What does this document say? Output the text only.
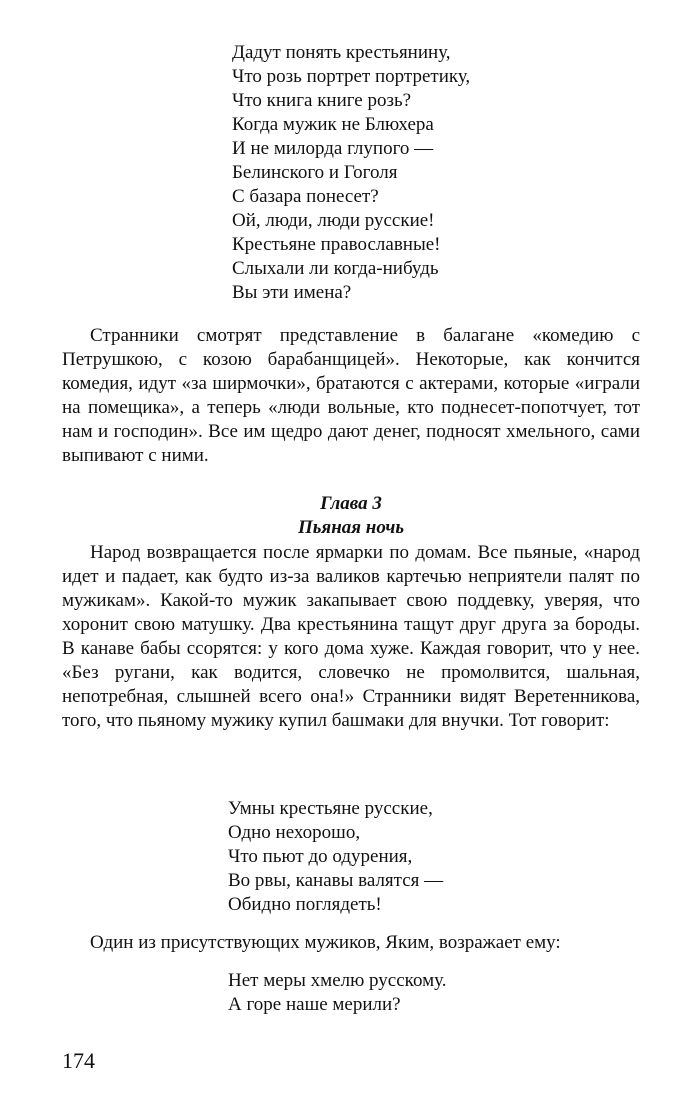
Дадут понять крестьянину,
Что розь портрет портретику,
Что книга книге розь?
Когда мужик не Блюхера
И не милорда глупого —
Белинского и Гоголя
С базара понесет?
Ой, люди, люди русские!
Крестьяне православные!
Слыхали ли когда-нибудь
Вы эти имена?

Странники смотрят представление в балагане «комедию с Петрушкою, с козою барабанщицей». Некоторые, как кончится комедия, идут «за ширмочки», братаются с актерами, которые «играли на помещика», а теперь «люди вольные, кто поднесет-попотчует, тот нам и господин». Все им щедро дают денег, подносят хмельного, сами выпивают с ними.

Глава 3
Пьяная ночь

Народ возвращается после ярмарки по домам. Все пьяные, «народ идет и падает, как будто из-за валиков картечью неприятели палят по мужикам». Какой-то мужик закапывает свою поддевку, уверяя, что хоронит свою матушку. Два крестьянина тащут друг друга за бороды. В канаве бабы ссорятся: у кого дома хуже. Каждая говорит, что у нее. «Без ругани, как водится, словечко не промолвится, шальная, непотребная, слышней всего она!» Странники видят Веретенникова, того, что пьяному мужику купил башмаки для внучки. Тот говорит:

Умны крестьяне русские,
Одно нехорошо,
Что пьют до одурения,
Во рвы, канавы валятся —
Обидно поглядеть!

Один из присутствующих мужиков, Яким, возражает ему:

Нет меры хмелю русскому.
А горе наше мерили?
174
